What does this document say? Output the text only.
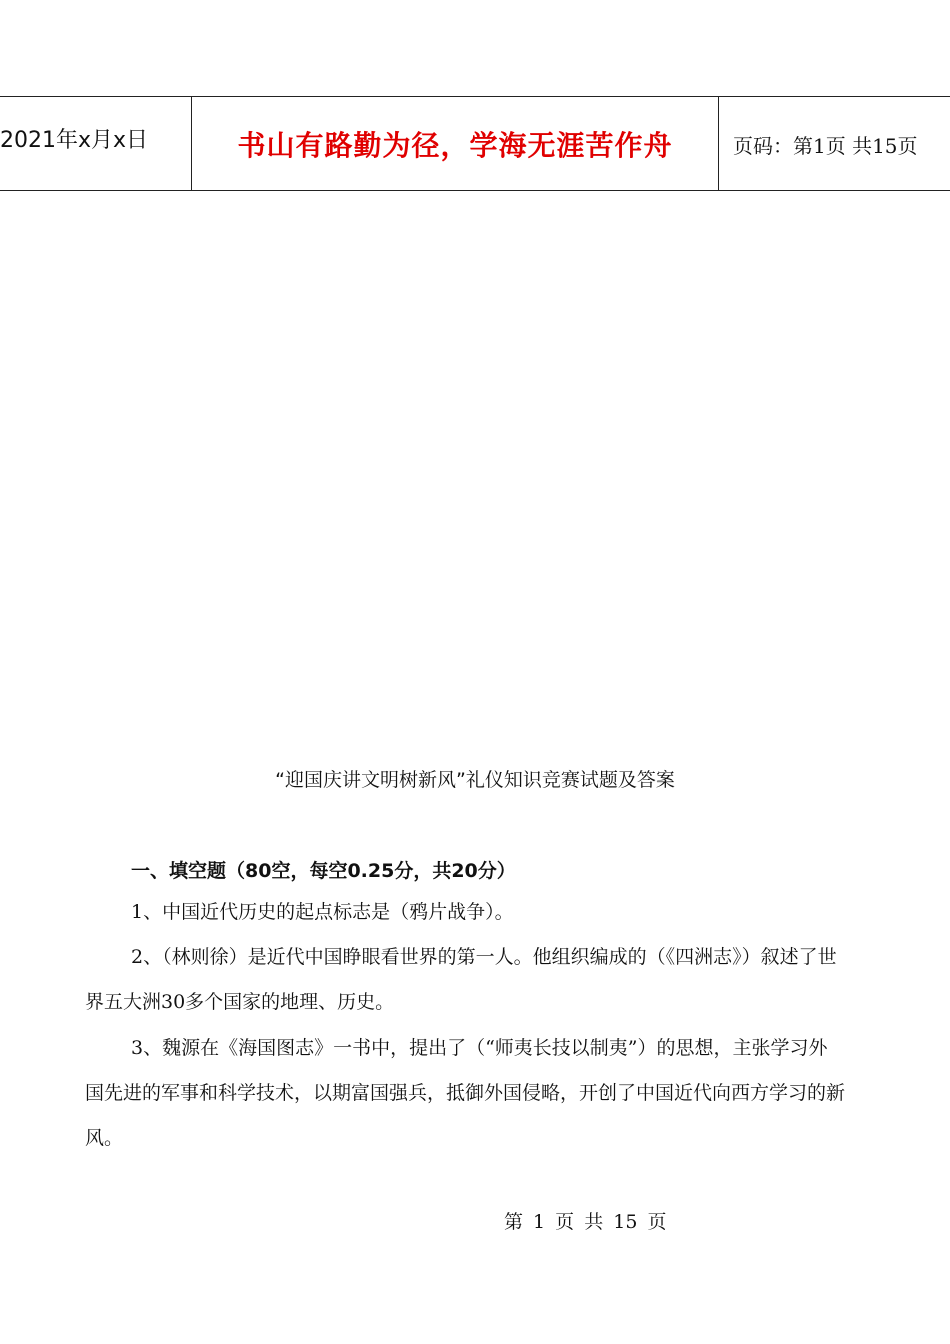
2021年x月x日	书山有路勤为径，学海无涯苦作舟	页码：第1页 共15页
“迎国庆讲文明树新风”礼仪知识竞赛试题及答案
一、填空题（80空，每空0.25分，共20分）
1、中国近代历史的起点标志是（鸦片战争）。
2、（林则徐）是近代中国睁眼看世界的第一人。他组织编成的（《四洲志》）叙述了世界五大洲30多个国家的地理、历史。
3、魏源在《海国图志》一书中，提出了（“师夷长技以制夷”）的思想，主张学习外国先进的军事和科学技术，以期富国强兵，抵御外国侵略，开创了中国近代向西方学习的新风。
第 1 页 共 15 页
